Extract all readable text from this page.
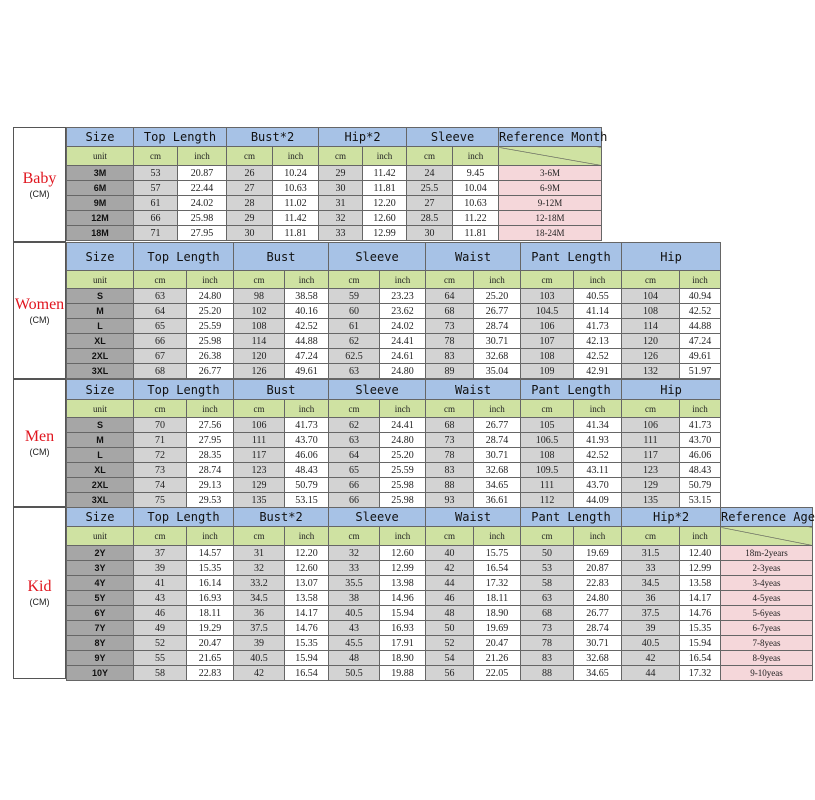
Baby
(CM)
Size	Top Length		Bust*2		Hip*2		Sleeve		Reference Month
unit	cm	inch	cm	inch	cm	inch	cm	inch	
3M	53	20.87	26	10.24	29	11.42	24	9.45	3-6M
6M	57	22.44	27	10.63	30	11.81	25.5	10.04	6-9M
9M	61	24.02	28	11.02	31	12.20	27	10.63	9-12M
12M	66	25.98	29	11.42	32	12.60	28.5	11.22	12-18M
18M	71	27.95	30	11.81	33	12.99	30	11.81	18-24M
Women
(CM)
Size	Top Length		Bust		Sleeve		Waist		Pant Length		Hip	
unit	cm	inch	cm	inch	cm	inch	cm	inch	cm	inch	cm	inch
S	63	24.80	98	38.58	59	23.23	64	25.20	103	40.55	104	40.94
M	64	25.20	102	40.16	60	23.62	68	26.77	104.5	41.14	108	42.52
L	65	25.59	108	42.52	61	24.02	73	28.74	106	41.73	114	44.88
XL	66	25.98	114	44.88	62	24.41	78	30.71	107	42.13	120	47.24
2XL	67	26.38	120	47.24	62.5	24.61	83	32.68	108	42.52	126	49.61
3XL	68	26.77	126	49.61	63	24.80	89	35.04	109	42.91	132	51.97
Men
(CM)
Size	Top Length		Bust		Sleeve		Waist		Pant Length		Hip	
unit	cm	inch	cm	inch	cm	inch	cm	inch	cm	inch	cm	inch
S	70	27.56	106	41.73	62	24.41	68	26.77	105	41.34	106	41.73
M	71	27.95	111	43.70	63	24.80	73	28.74	106.5	41.93	111	43.70
L	72	28.35	117	46.06	64	25.20	78	30.71	108	42.52	117	46.06
XL	73	28.74	123	48.43	65	25.59	83	32.68	109.5	43.11	123	48.43
2XL	74	29.13	129	50.79	66	25.98	88	34.65	111	43.70	129	50.79
3XL	75	29.53	135	53.15	66	25.98	93	36.61	112	44.09	135	53.15
Kid
(CM)
Size	Top Length		Bust*2		Sleeve		Waist		Pant Length		Hip*2		Reference Age
unit	cm	inch	cm	inch	cm	inch	cm	inch	cm	inch	cm	inch	
2Y	37	14.57	31	12.20	32	12.60	40	15.75	50	19.69	31.5	12.40	18m-2years
3Y	39	15.35	32	12.60	33	12.99	42	16.54	53	20.87	33	12.99	2-3yeas
4Y	41	16.14	33.2	13.07	35.5	13.98	44	17.32	58	22.83	34.5	13.58	3-4yeas
5Y	43	16.93	34.5	13.58	38	14.96	46	18.11	63	24.80	36	14.17	4-5yeas
6Y	46	18.11	36	14.17	40.5	15.94	48	18.90	68	26.77	37.5	14.76	5-6yeas
7Y	49	19.29	37.5	14.76	43	16.93	50	19.69	73	28.74	39	15.35	6-7yeas
8Y	52	20.47	39	15.35	45.5	17.91	52	20.47	78	30.71	40.5	15.94	7-8yeas
9Y	55	21.65	40.5	15.94	48	18.90	54	21.26	83	32.68	42	16.54	8-9yeas
10Y	58	22.83	42	16.54	50.5	19.88	56	22.05	88	34.65	44	17.32	9-10yeas
